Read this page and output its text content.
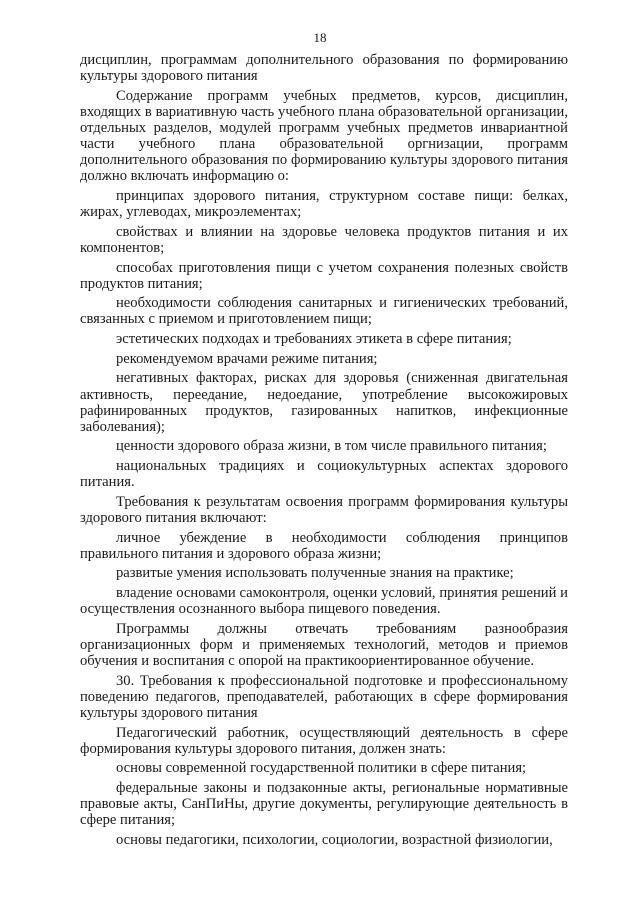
18

дисциплин, программам дополнительного образования по формированию культуры здорового питания

Содержание программ учебных предметов, курсов, дисциплин, входящих в вариативную часть учебного плана образовательной организации, отдельных разделов, модулей программ учебных предметов инвариантной части учебного плана образовательной оргнизации, программ дополнительного образования по формированию культуры здорового питания должно включать информацию о:

принципах здорового питания, структурном составе пищи: белках, жирах, углеводах, микроэлементах;

свойствах и влиянии на здоровье человека продуктов питания и их компонентов;

способах приготовления пищи с учетом сохранения полезных свойств продуктов питания;

необходимости соблюдения санитарных и гигиенических требований, связанных с приемом и приготовлением пищи;

эстетических подходах и требованиях этикета в сфере питания;

рекомендуемом врачами режиме питания;

негативных факторах, рисках для здоровья (сниженная двигательная активность, переедание, недоедание, употребление высокожировых рафинированных продуктов, газированных напитков, инфекционные заболевания);

ценности здорового образа жизни, в том числе правильного питания;

национальных традициях и социокультурных аспектах здорового питания.

Требования к результатам освоения программ формирования культуры здорового питания включают:

личное убеждение в необходимости соблюдения принципов правильного питания и здорового образа жизни;

развитые умения использовать полученные знания на практике;

владение основами самоконтроля, оценки условий, принятия решений и осуществления осознанного выбора пищевого поведения.

Программы должны отвечать требованиям разнообразия организационных форм и применяемых технологий, методов и приемов обучения и воспитания с опорой на практикоориентированное обучение.

30. Требования к профессиональной подготовке и профессиональному поведению педагогов, преподавателей, работающих в сфере формирования культуры здорового питания

Педагогический работник, осуществляющий деятельность в сфере формирования культуры здорового питания, должен знать:

основы современной государственной политики в сфере питания;

федеральные законы и подзаконные акты, региональные нормативные правовые акты, СанПиНы, другие документы, регулирующие деятельность в сфере питания;

основы педагогики, психологии, социологии, возрастной физиологии,
